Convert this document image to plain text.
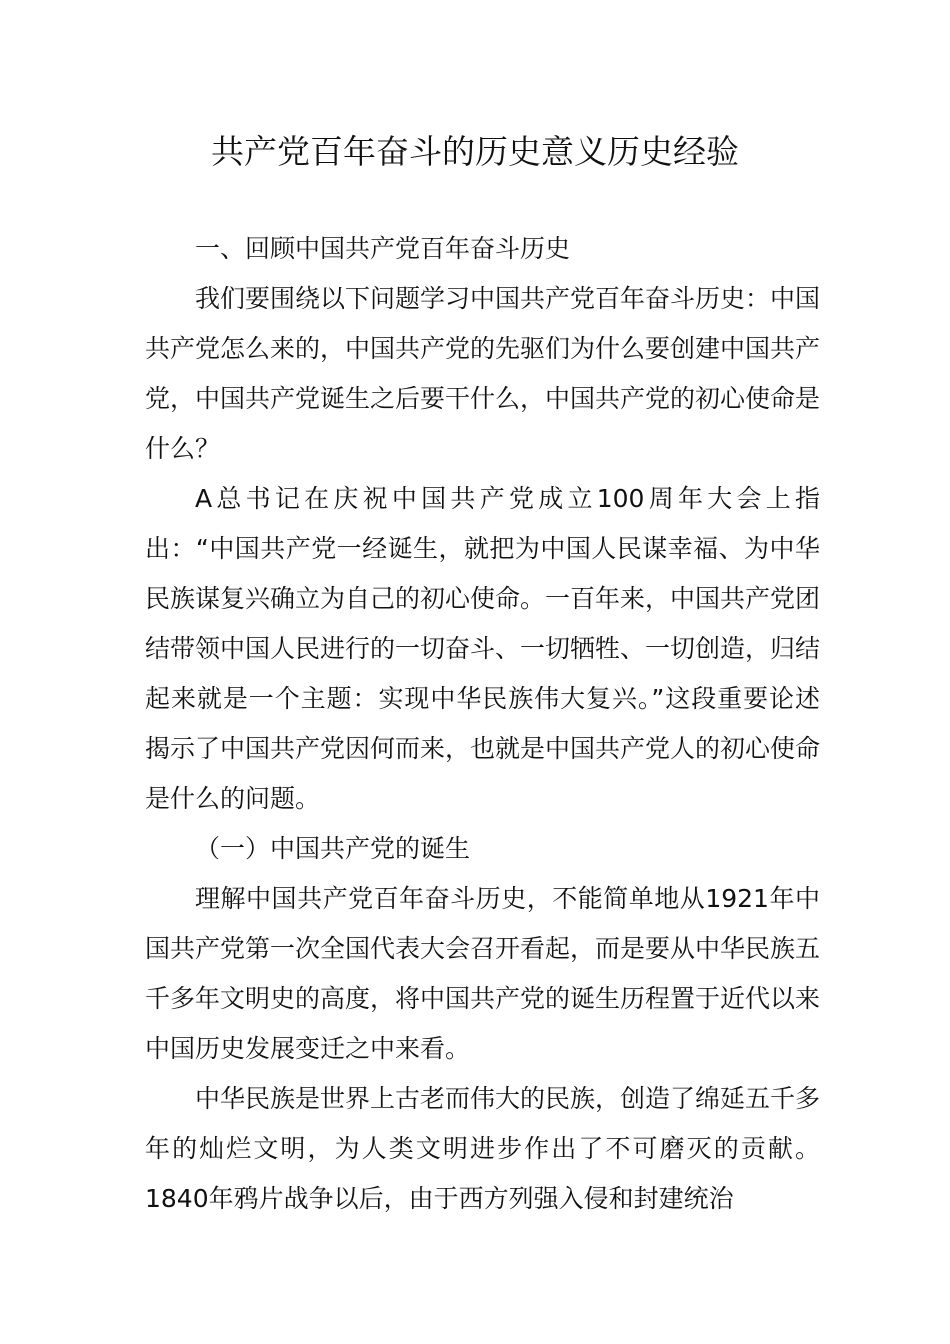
共产党百年奋斗的历史意义历史经验

一、回顾中国共产党百年奋斗历史

我们要围绕以下问题学习中国共产党百年奋斗历史：中国共产党怎么来的，中国共产党的先驱们为什么要创建中国共产党，中国共产党诞生之后要干什么，中国共产党的初心使命是什么？

A总书记在庆祝中国共产党成立100周年大会上指出：“中国共产党一经诞生，就把为中国人民谋幸福、为中华民族谋复兴确立为自己的初心使命。一百年来，中国共产党团结带领中国人民进行的一切奋斗、一切牺牲、一切创造，归结起来就是一个主题：实现中华民族伟大复兴。”这段重要论述揭示了中国共产党因何而来，也就是中国共产党人的初心使命是什么的问题。

（一）中国共产党的诞生

理解中国共产党百年奋斗历史，不能简单地从1921年中国共产党第一次全国代表大会召开看起，而是要从中华民族五千多年文明史的高度，将中国共产党的诞生历程置于近代以来中国历史发展变迁之中来看。

中华民族是世界上古老而伟大的民族，创造了绵延五千多年的灿烂文明，为人类文明进步作出了不可磨灭的贡献。1840年鸦片战争以后，由于西方列强入侵和封建统治
